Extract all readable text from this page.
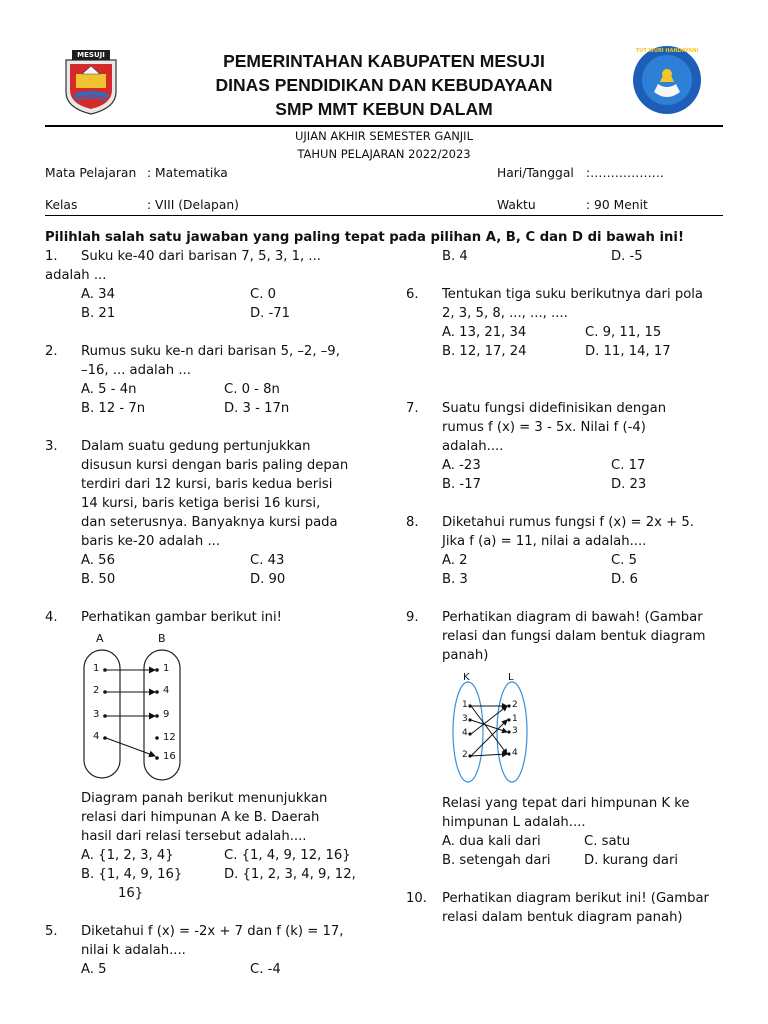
MESUJI	TUT WURI HANDAYANI
PEMERINTAHAN KABUPATEN MESUJI
DINAS PENDIDIKAN DAN KEBUDAYAAN
SMP MMT KEBUN DALAM
UJIAN AKHIR SEMESTER GANJIL
TAHUN PELAJARAN 2022/2023
Mata Pelajaran : Matematika	Hari/Tanggal :………………
Kelas	: VIII (Delapan)	Waktu	: 90 Menit
Pilihlah salah satu jawaban yang paling tepat pada pilihan A, B, C dan D di bawah ini!
1. Suku ke-40 dari barisan 7, 5, 3, 1, ...
adalah ...
A. 34	C. 0
B. 21	D. -71
2. Rumus suku ke-n dari barisan 5, –2, –9,
–16, ... adalah ...
A. 5 - 4n	C. 0 - 8n
B. 12 - 7n	D. 3 - 17n
3. Dalam suatu gedung pertunjukkan
disusun kursi dengan baris paling depan
terdiri dari 12 kursi, baris kedua berisi
14 kursi, baris ketiga berisi 16 kursi,
dan seterusnya. Banyaknya kursi pada
baris ke-20 adalah ...
A. 56	C. 43
B. 50	D. 90
4. Perhatikan gambar berikut ini!
A	B
1
2
3
4
1
4
9
12
16
Diagram panah berikut menunjukkan
relasi dari himpunan A ke B. Daerah
hasil dari relasi tersebut adalah....
A. {1, 2, 3, 4}	C. {1, 4, 9, 12, 16}
B. {1, 4, 9, 16}	D. {1, 2, 3, 4, 9, 12,
16}
5. Diketahui f (x) = -2x + 7 dan f (k) = 17,
nilai k adalah....
A. 5	C. -4
B. 4	D. -5
6. Tentukan tiga suku berikutnya dari pola
2, 3, 5, 8, ..., ..., ....
A. 13, 21, 34	C. 9, 11, 15
B. 12, 17, 24	D. 11, 14, 17
7. Suatu fungsi didefinisikan dengan
rumus f (x) = 3 - 5x. Nilai f (-4)
adalah....
A. -23	C. 17
B. -17	D. 23
8. Diketahui rumus fungsi f (x) = 2x + 5.
Jika f (a) = 11, nilai a adalah....
A. 2	C. 5
B. 3	D. 6
9. Perhatikan diagram di bawah! (Gambar
relasi dan fungsi dalam bentuk diagram
panah)
K	L
1
3
4
2
2
1
3
4
Relasi yang tepat dari himpunan K ke
himpunan L adalah....
A. dua kali dari	C. satu
B. setengah dari	D. kurang dari
10. Perhatikan diagram berikut ini! (Gambar
relasi dalam bentuk diagram panah)
